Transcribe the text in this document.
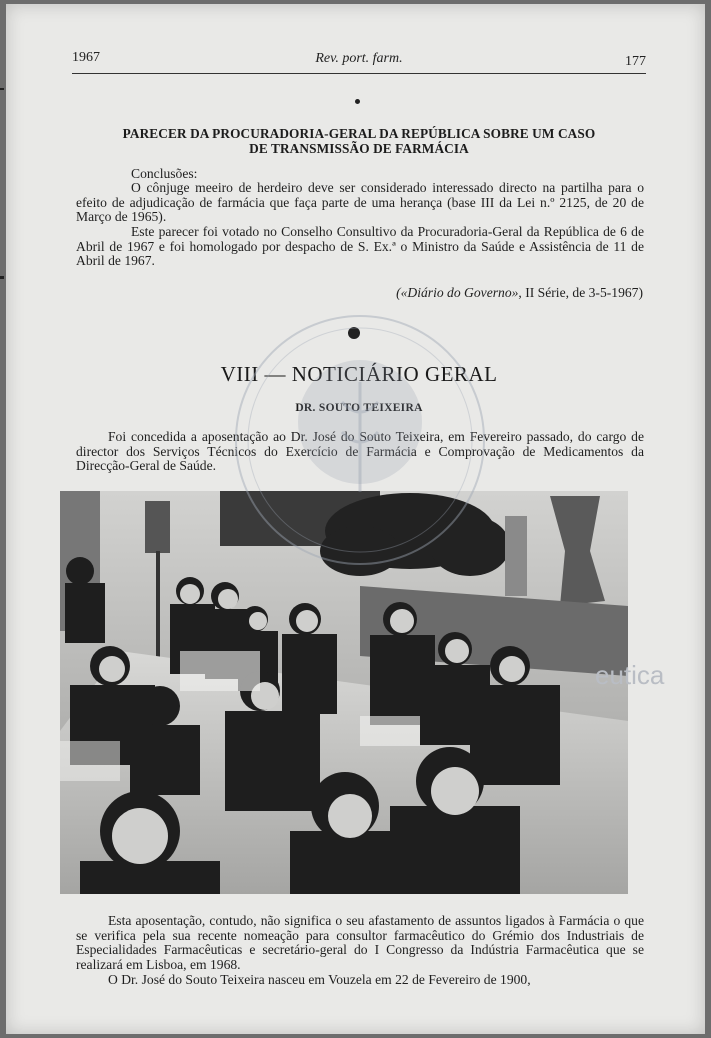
1967	Rev. port. farm.	177
PARECER DA PROCURADORIA-GERAL DA REPÚBLICA SOBRE UM CASO
DE TRANSMISSÃO DE FARMÁCIA
Conclusões:
O cônjuge meeiro de herdeiro deve ser considerado interessado directo na partilha para o efeito de adjudicação de farmácia que faça parte de uma herança (base III da Lei n.º 2125, de 20 de Março de 1965).
Este parecer foi votado no Conselho Consultivo da Procuradoria-Geral da República de 6 de Abril de 1967 e foi homologado por despacho de S. Ex.ª o Ministro da Saúde e Assistência de 11 de Abril de 1967.
(«Diário do Governo», II Série, de 3-5-1967)
VIII — NOTICIÁRIO GERAL
DR. SOUTO TEIXEIRA
Foi concedida a aposentação ao Dr. José do Souto Teixeira, em Fevereiro passado, do cargo de director dos Serviços Técnicos do Exercício de Farmácia e Comprovação de Medicamentos da Direcção-Geral de Saúde.
Esta aposentação, contudo, não significa o seu afastamento de assuntos ligados à Farmácia o que se verifica pela sua recente nomeação para consultor farmacêutico do Grémio dos Industriais de Especialidades Farmacêuticas e secretário-geral do I Congresso da Indústria Farmacêutica que se realizará em Lisboa, em 1968.
O Dr. José do Souto Teixeira nasceu em Vouzela em 22 de Fevereiro de 1900,
eutica
